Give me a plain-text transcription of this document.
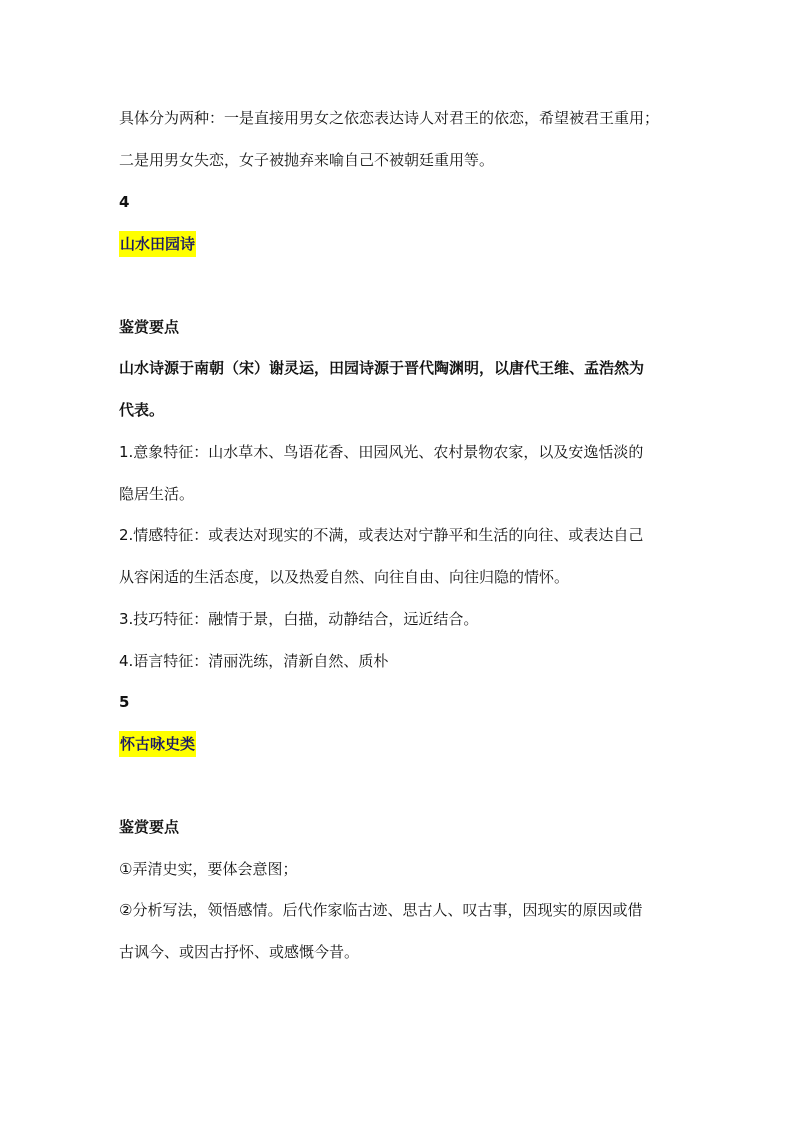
具体分为两种：一是直接用男女之依恋表达诗人对君王的依恋，希望被君王重用；
二是用男女失恋，女子被抛弃来喻自己不被朝廷重用等。
4
山水田园诗
鉴赏要点
山水诗源于南朝（宋）谢灵运，田园诗源于晋代陶渊明，以唐代王维、孟浩然为
代表。
1.意象特征：山水草木、鸟语花香、田园风光、农村景物农家，以及安逸恬淡的
隐居生活。
2.情感特征：或表达对现实的不满，或表达对宁静平和生活的向往、或表达自己
从容闲适的生活态度，以及热爱自然、向往自由、向往归隐的情怀。
3.技巧特征：融情于景，白描，动静结合，远近结合。
4.语言特征：清丽洗练，清新自然、质朴
5
怀古咏史类
鉴赏要点
①弄清史实，要体会意图；
②分析写法，领悟感情。后代作家临古迹、思古人、叹古事，因现实的原因或借
古讽今、或因古抒怀、或感慨今昔。
